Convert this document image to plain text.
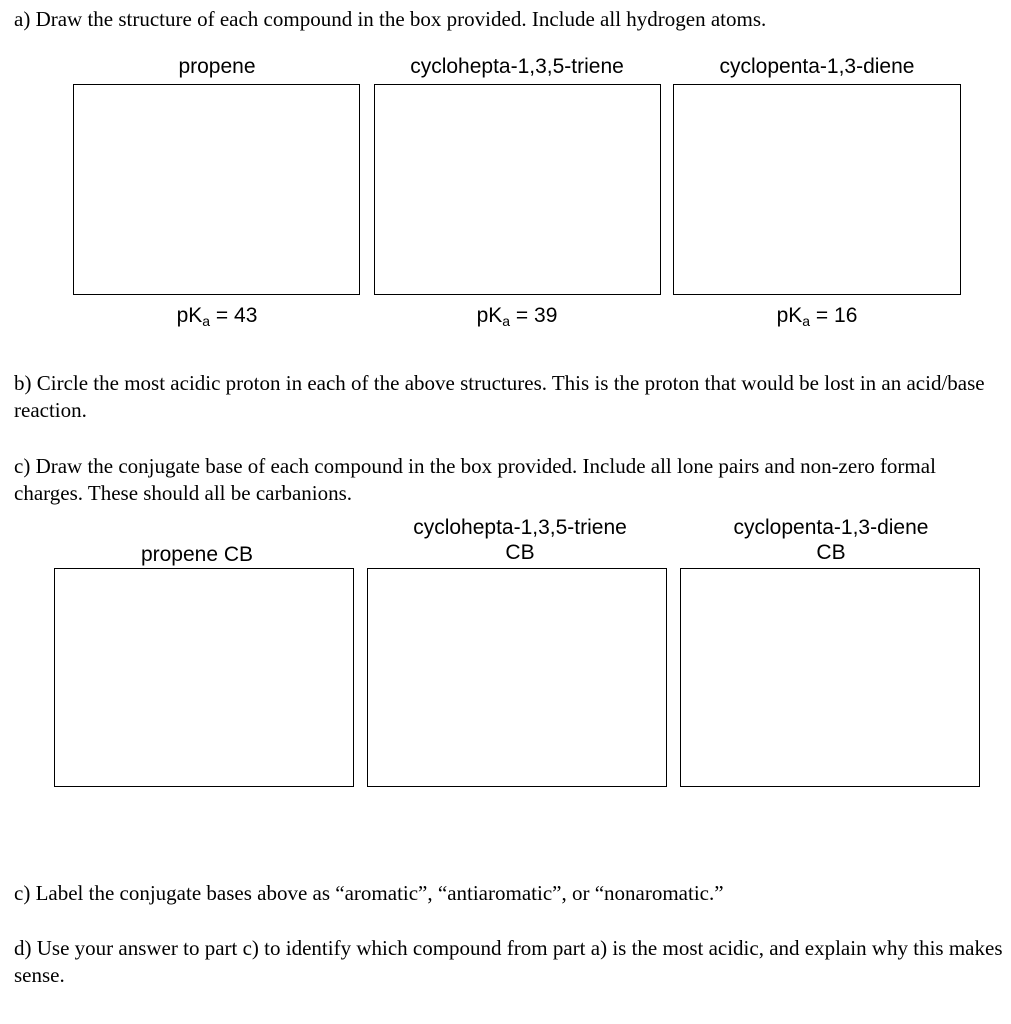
a) Draw the structure of each compound in the box provided. Include all hydrogen atoms.

propene	cyclohepta-1,3,5-triene	cyclopenta-1,3-diene
$pK_a = 43$	$pK_a = 39$	$pK_a = 16$

b) Circle the most acidic proton in each of the above structures. This is the proton that would be lost in an acid/base reaction.

c) Draw the conjugate base of each compound in the box provided. Include all lone pairs and non-zero formal charges. These should all be carbanions.

propene CB
cyclohepta-1,3,5-triene
CB
cyclopenta-1,3-diene
CB

c) Label the conjugate bases above as “aromatic”, “antiaromatic”, or “nonaromatic.”

d) Use your answer to part c) to identify which compound from part a) is the most acidic, and explain why this makes sense.
